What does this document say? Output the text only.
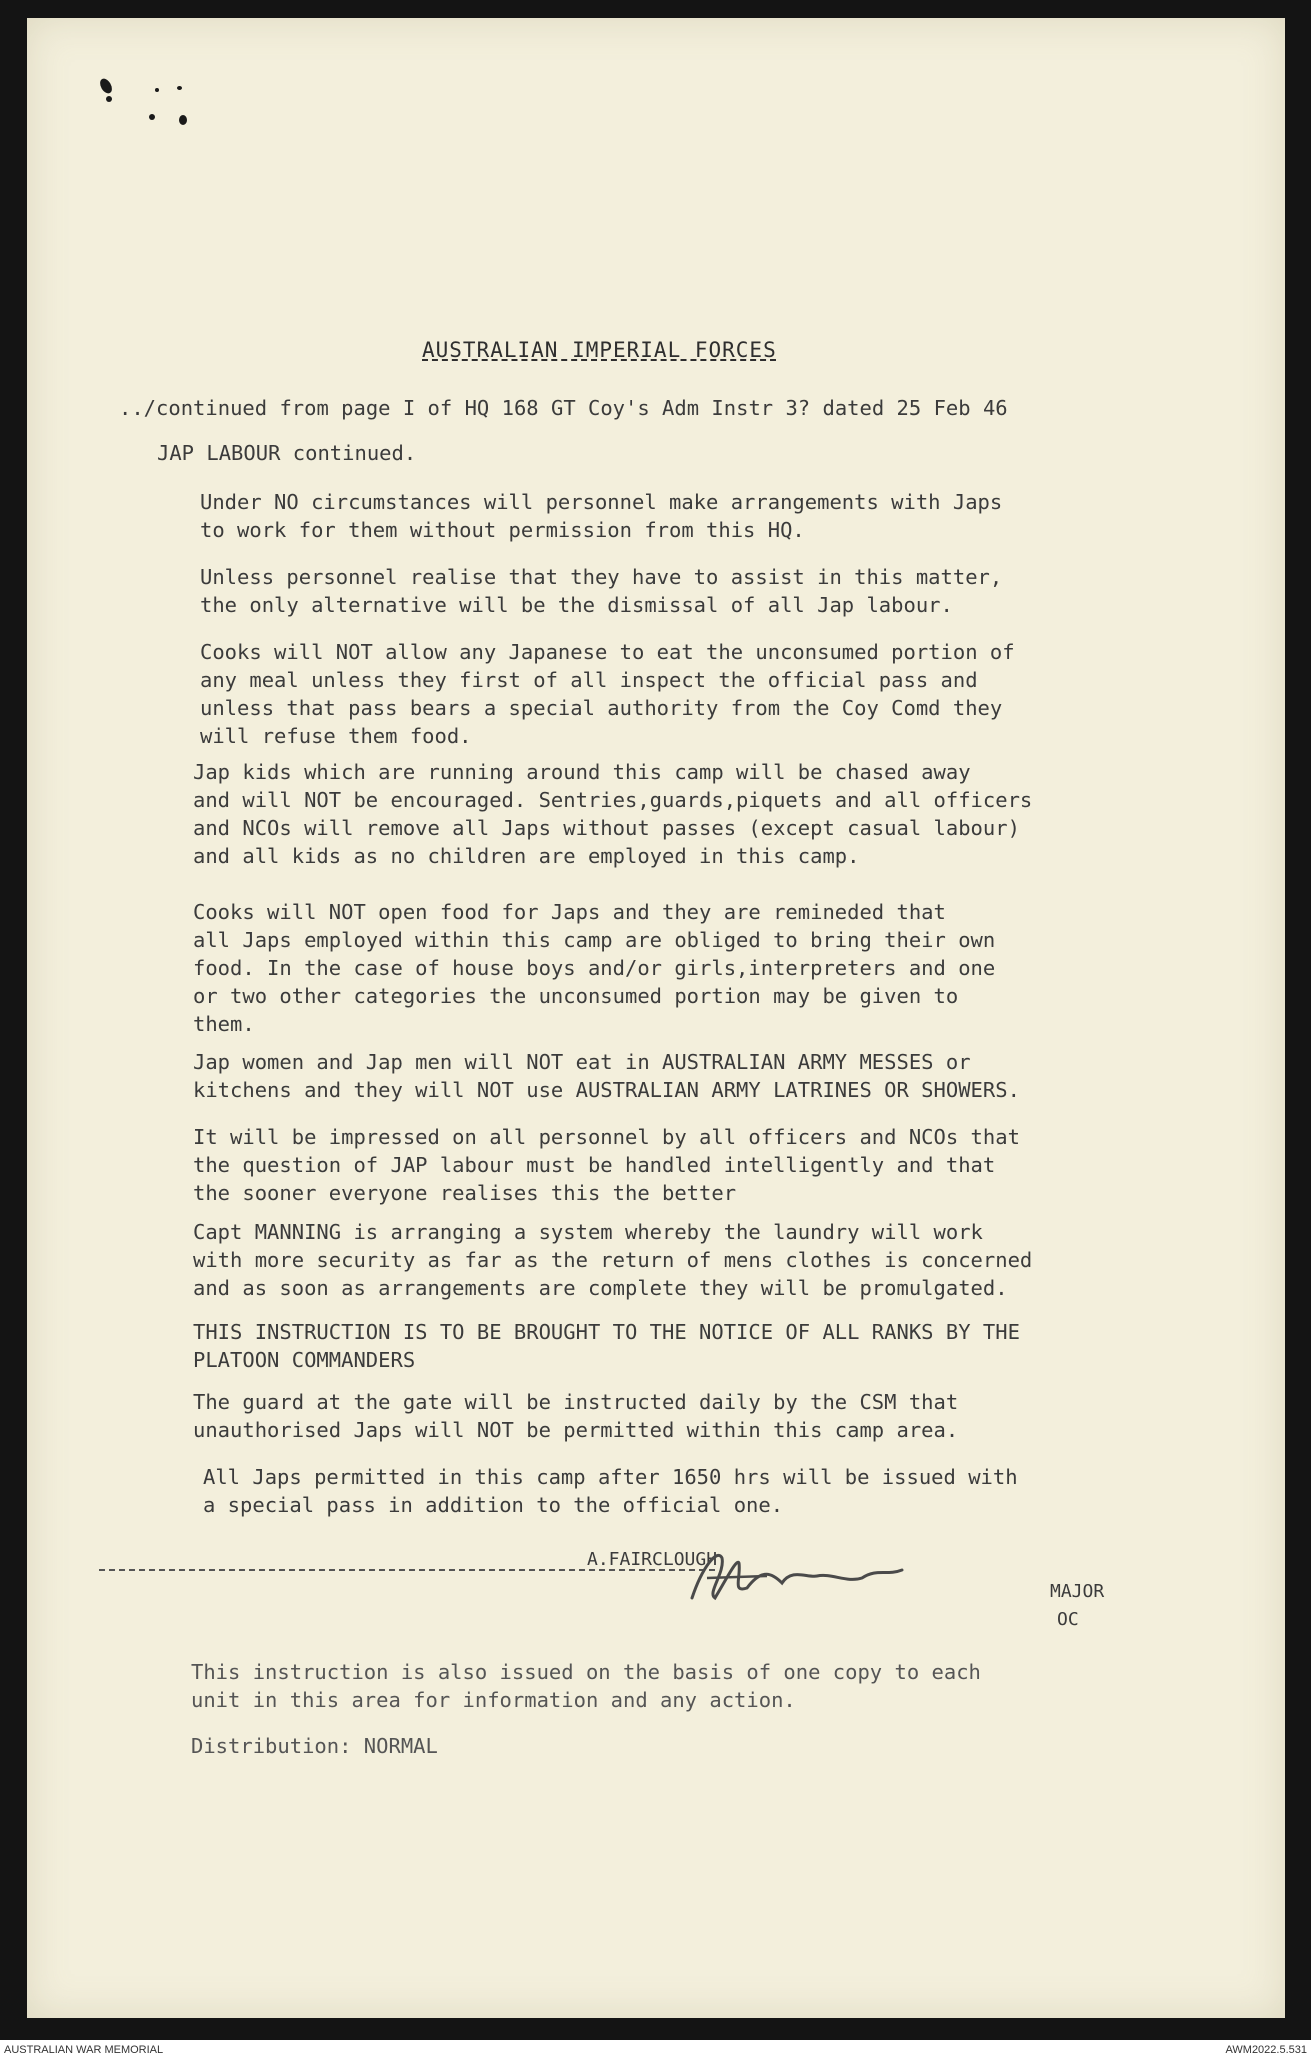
AUSTRALIAN IMPERIAL FORCES
../continued from page I of HQ 168 GT Coy's Adm Instr 3? dated 25 Feb 46
JAP LABOUR continued.
Under NO circumstances will personnel make arrangements with Japs
to work for them without permission from this HQ.
Unless personnel realise that they have to assist in this matter,
the only alternative will be the dismissal of all Jap labour.
Cooks will NOT allow any Japanese to eat the unconsumed portion of
any meal unless they first of all inspect the official pass and
unless that pass bears a special authority from the Coy Comd they
will refuse them food.
Jap kids which are running around this camp will be chased away
and will NOT be encouraged. Sentries,guards,piquets and all officers
and NCOs will remove all Japs without passes (except casual labour)
and all kids as no children are employed in this camp.
Cooks will NOT open food for Japs and they are remineded that
all Japs employed within this camp are obliged to bring their own
food. In the case of house boys and/or girls,interpreters and one
or two other categories the unconsumed portion may be given to
them.
Jap women and Jap men will NOT eat in AUSTRALIAN ARMY MESSES or
kitchens and they will NOT use AUSTRALIAN ARMY LATRINES OR SHOWERS.
It will be impressed on all personnel by all officers and NCOs that
the question of JAP labour must be handled intelligently and that
the sooner everyone realises this the better
Capt MANNING is arranging a system whereby the laundry will work
with more security as far as the return of mens clothes is concerned
and as soon as arrangements are complete they will be promulgated.
THIS INSTRUCTION IS TO BE BROUGHT TO THE NOTICE OF ALL RANKS BY THE
PLATOON COMMANDERS
The guard at the gate will be instructed daily by the CSM that
unauthorised Japs will NOT be permitted within this camp area.
All Japs permitted in this camp after 1650 hrs will be issued with
a special pass in addition to the official one.
A.FAIRCLOUGH
MAJOR
OC
This instruction is also issued on the basis of one copy to each
unit in this area for information and any action.
Distribution: NORMAL
AUSTRALIAN WAR MEMORIAL	AWM2022.5.531
